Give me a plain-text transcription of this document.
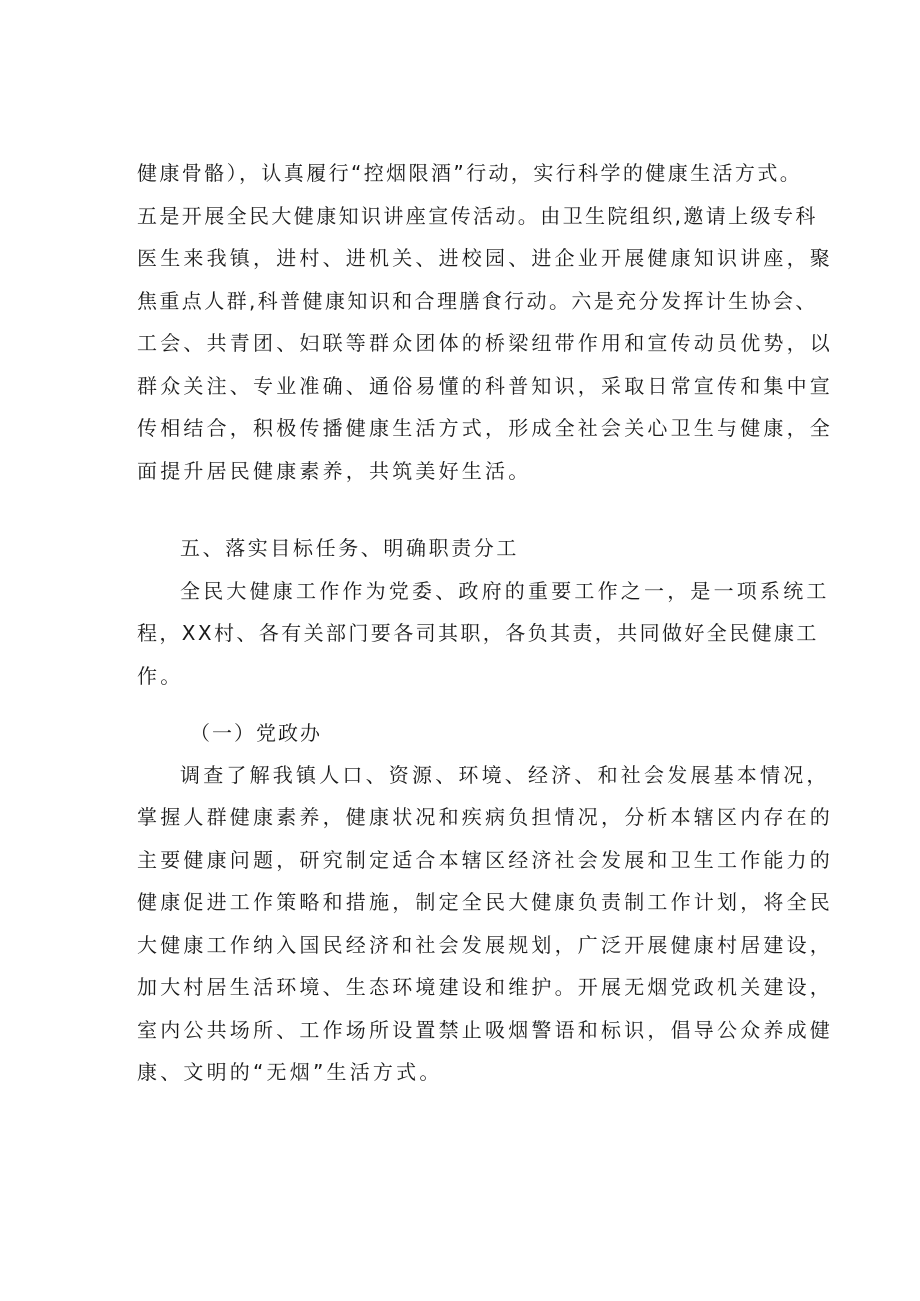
健康骨骼），认真履行“控烟限酒”行动，实行科学的健康生活方式。
五是开展全民大健康知识讲座宣传活动。由卫生院组织,邀请上级专科
医生来我镇，进村、进机关、进校园、进企业开展健康知识讲座，聚
焦重点人群,科普健康知识和合理膳食行动。六是充分发挥计生协会、
工会、共青团、妇联等群众团体的桥梁纽带作用和宣传动员优势，以
群众关注、专业准确、通俗易懂的科普知识，采取日常宣传和集中宣
传相结合，积极传播健康生活方式，形成全社会关心卫生与健康，全
面提升居民健康素养，共筑美好生活。
五、落实目标任务、明确职责分工
全民大健康工作作为党委、政府的重要工作之一，是一项系统工
程，XX村、各有关部门要各司其职，各负其责，共同做好全民健康工
作。
（一）党政办
调查了解我镇人口、资源、环境、经济、和社会发展基本情况，
掌握人群健康素养，健康状况和疾病负担情况，分析本辖区内存在的
主要健康问题，研究制定适合本辖区经济社会发展和卫生工作能力的
健康促进工作策略和措施，制定全民大健康负责制工作计划，将全民
大健康工作纳入国民经济和社会发展规划，广泛开展健康村居建设，
加大村居生活环境、生态环境建设和维护。开展无烟党政机关建设，
室内公共场所、工作场所设置禁止吸烟警语和标识，倡导公众养成健
康、文明的“无烟”生活方式。
